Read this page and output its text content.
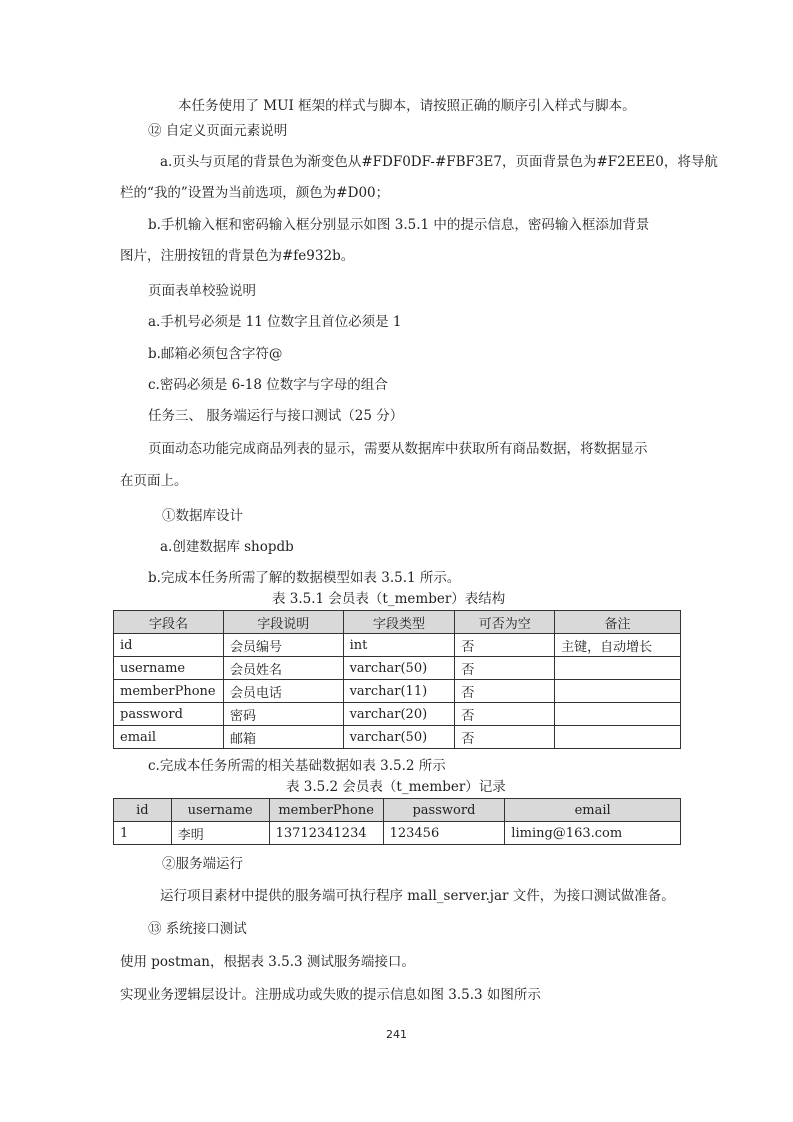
本任务使用了 MUI 框架的样式与脚本，请按照正确的顺序引入样式与脚本。
⑫ 自定义页面元素说明
a.页头与页尾的背景色为渐变色从#FDF0DF-#FBF3E7，页面背景色为#F2EEE0，将导航
栏的“我的”设置为当前选项，颜色为#D00；
b.手机输入框和密码输入框分别显示如图 3.5.1 中的提示信息，密码输入框添加背景
图片，注册按钮的背景色为#fe932b。
页面表单校验说明
a.手机号必须是 11 位数字且首位必须是 1
b.邮箱必须包含字符@
c.密码必须是 6-18 位数字与字母的组合
任务三、 服务端运行与接口测试（25 分）
页面动态功能完成商品列表的显示，需要从数据库中获取所有商品数据，将数据显示
在页面上。
①数据库设计
a.创建数据库 shopdb
b.完成本任务所需了解的数据模型如表 3.5.1 所示。
表 3.5.1 会员表（t_member）表结构
字段名	字段说明	字段类型	可否为空	备注
id	会员编号	int	否	主键，自动增长
username	会员姓名	varchar(50)	否	
memberPhone	会员电话	varchar(11)	否	
password	密码	varchar(20)	否	
email	邮箱	varchar(50)	否	
c.完成本任务所需的相关基础数据如表 3.5.2 所示
表 3.5.2 会员表（t_member）记录
id	username	memberPhone	password	email
1	李明	13712341234	123456	liming@163.com
②服务端运行
运行项目素材中提供的服务端可执行程序 mall_server.jar 文件，为接口测试做准备。
⑬ 系统接口测试
使用 postman，根据表 3.5.3 测试服务端接口。
实现业务逻辑层设计。注册成功或失败的提示信息如图 3.5.3 如图所示
241
